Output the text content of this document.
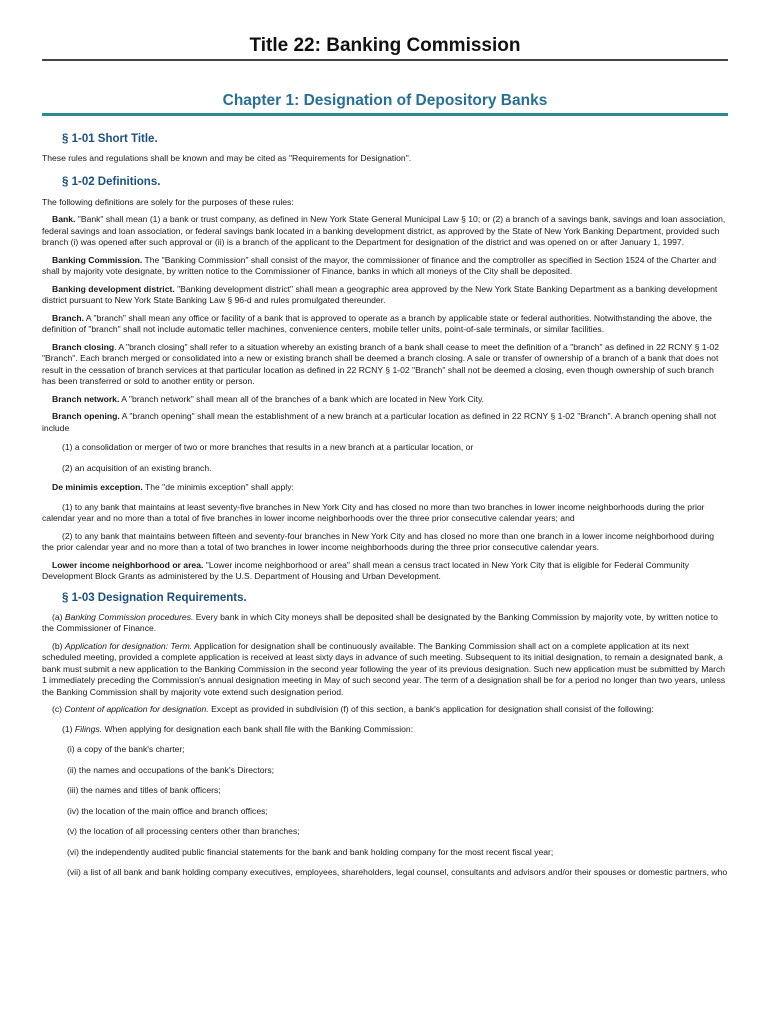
Title 22: Banking Commission
Chapter 1: Designation of Depository Banks
§ 1-01 Short Title.

These rules and regulations shall be known and may be cited as "Requirements for Designation".

§ 1-02 Definitions.

The following definitions are solely for the purposes of these rules:

Bank. "Bank" shall mean (1) a bank or trust company, as defined in New York State General Municipal Law § 10; or (2) a branch of a savings bank, savings and loan association, federal savings and loan association, or federal savings bank located in a banking development district, as approved by the State of New York Banking Department, provided such branch (i) was opened after such approval or (ii) is a branch of the applicant to the Department for designation of the district and was opened on or after January 1, 1997.

Banking Commission. The "Banking Commission" shall consist of the mayor, the commissioner of finance and the comptroller as specified in Section 1524 of the Charter and shall by majority vote designate, by written notice to the Commissioner of Finance, banks in which all moneys of the City shall be deposited.

Banking development district. "Banking development district" shall mean a geographic area approved by the New York State Banking Department as a banking development district pursuant to New York State Banking Law § 96-d and rules promulgated thereunder.

Branch. A "branch" shall mean any office or facility of a bank that is approved to operate as a branch by applicable state or federal authorities. Notwithstanding the above, the definition of "branch" shall not include automatic teller machines, convenience centers, mobile teller units, point-of-sale terminals, or similar facilities.

Branch closing. A "branch closing" shall refer to a situation whereby an existing branch of a bank shall cease to meet the definition of a "branch" as defined in 22 RCNY § 1-02 "Branch". Each branch merged or consolidated into a new or existing branch shall be deemed a branch closing. A sale or transfer of ownership of a branch of a bank that does not result in the cessation of branch services at that particular location as defined in 22 RCNY § 1-02 "Branch" shall not be deemed a closing, even though ownership of such branch has been transferred or sold to another entity or person.

Branch network. A "branch network" shall mean all of the branches of a bank which are located in New York City.

Branch opening. A "branch opening" shall mean the establishment of a new branch at a particular location as defined in 22 RCNY § 1-02 "Branch". A branch opening shall not include

(1) a consolidation or merger of two or more branches that results in a new branch at a particular location, or

(2) an acquisition of an existing branch.

De minimis exception. The "de minimis exception" shall apply:

(1) to any bank that maintains at least seventy-five branches in New York City and has closed no more than two branches in lower income neighborhoods during the prior calendar year and no more than a total of five branches in lower income neighborhoods over the three prior consecutive calendar years; and

(2) to any bank that maintains between fifteen and seventy-four branches in New York City and has closed no more than one branch in a lower income neighborhood during the prior calendar year and no more than a total of two branches in lower income neighborhoods during the three prior consecutive calendar years.

Lower income neighborhood or area. "Lower income neighborhood or area" shall mean a census tract located in New York City that is eligible for Federal Community Development Block Grants as administered by the U.S. Department of Housing and Urban Development.

§ 1-03 Designation Requirements.

(a) Banking Commission procedures. Every bank in which City moneys shall be deposited shall be designated by the Banking Commission by majority vote, by written notice to the Commissioner of Finance.

(b) Application for designation: Term. Application for designation shall be continuously available. The Banking Commission shall act on a complete application at its next scheduled meeting, provided a complete application is received at least sixty days in advance of such meeting. Subsequent to its initial designation, to remain a designated bank, a bank must submit a new application to the Banking Commission in the second year following the year of its previous designation. Such new application must be submitted by March 1 immediately preceding the Commission's annual designation meeting in May of such second year. The term of a designation shall be for a period no longer than two years, unless the Banking Commission shall by majority vote extend such designation period.

(c) Content of application for designation. Except as provided in subdivision (f) of this section, a bank's application for designation shall consist of the following:

(1) Filings. When applying for designation each bank shall file with the Banking Commission:

(i) a copy of the bank's charter;

(ii) the names and occupations of the bank's Directors;

(iii) the names and titles of bank officers;

(iv) the location of the main office and branch offices;

(v) the location of all processing centers other than branches;

(vi) the independently audited public financial statements for the bank and bank holding company for the most recent fiscal year;

(vii) a list of all bank and bank holding company executives, employees, shareholders, legal counsel, consultants and advisors and/or their spouses or domestic partners, who
